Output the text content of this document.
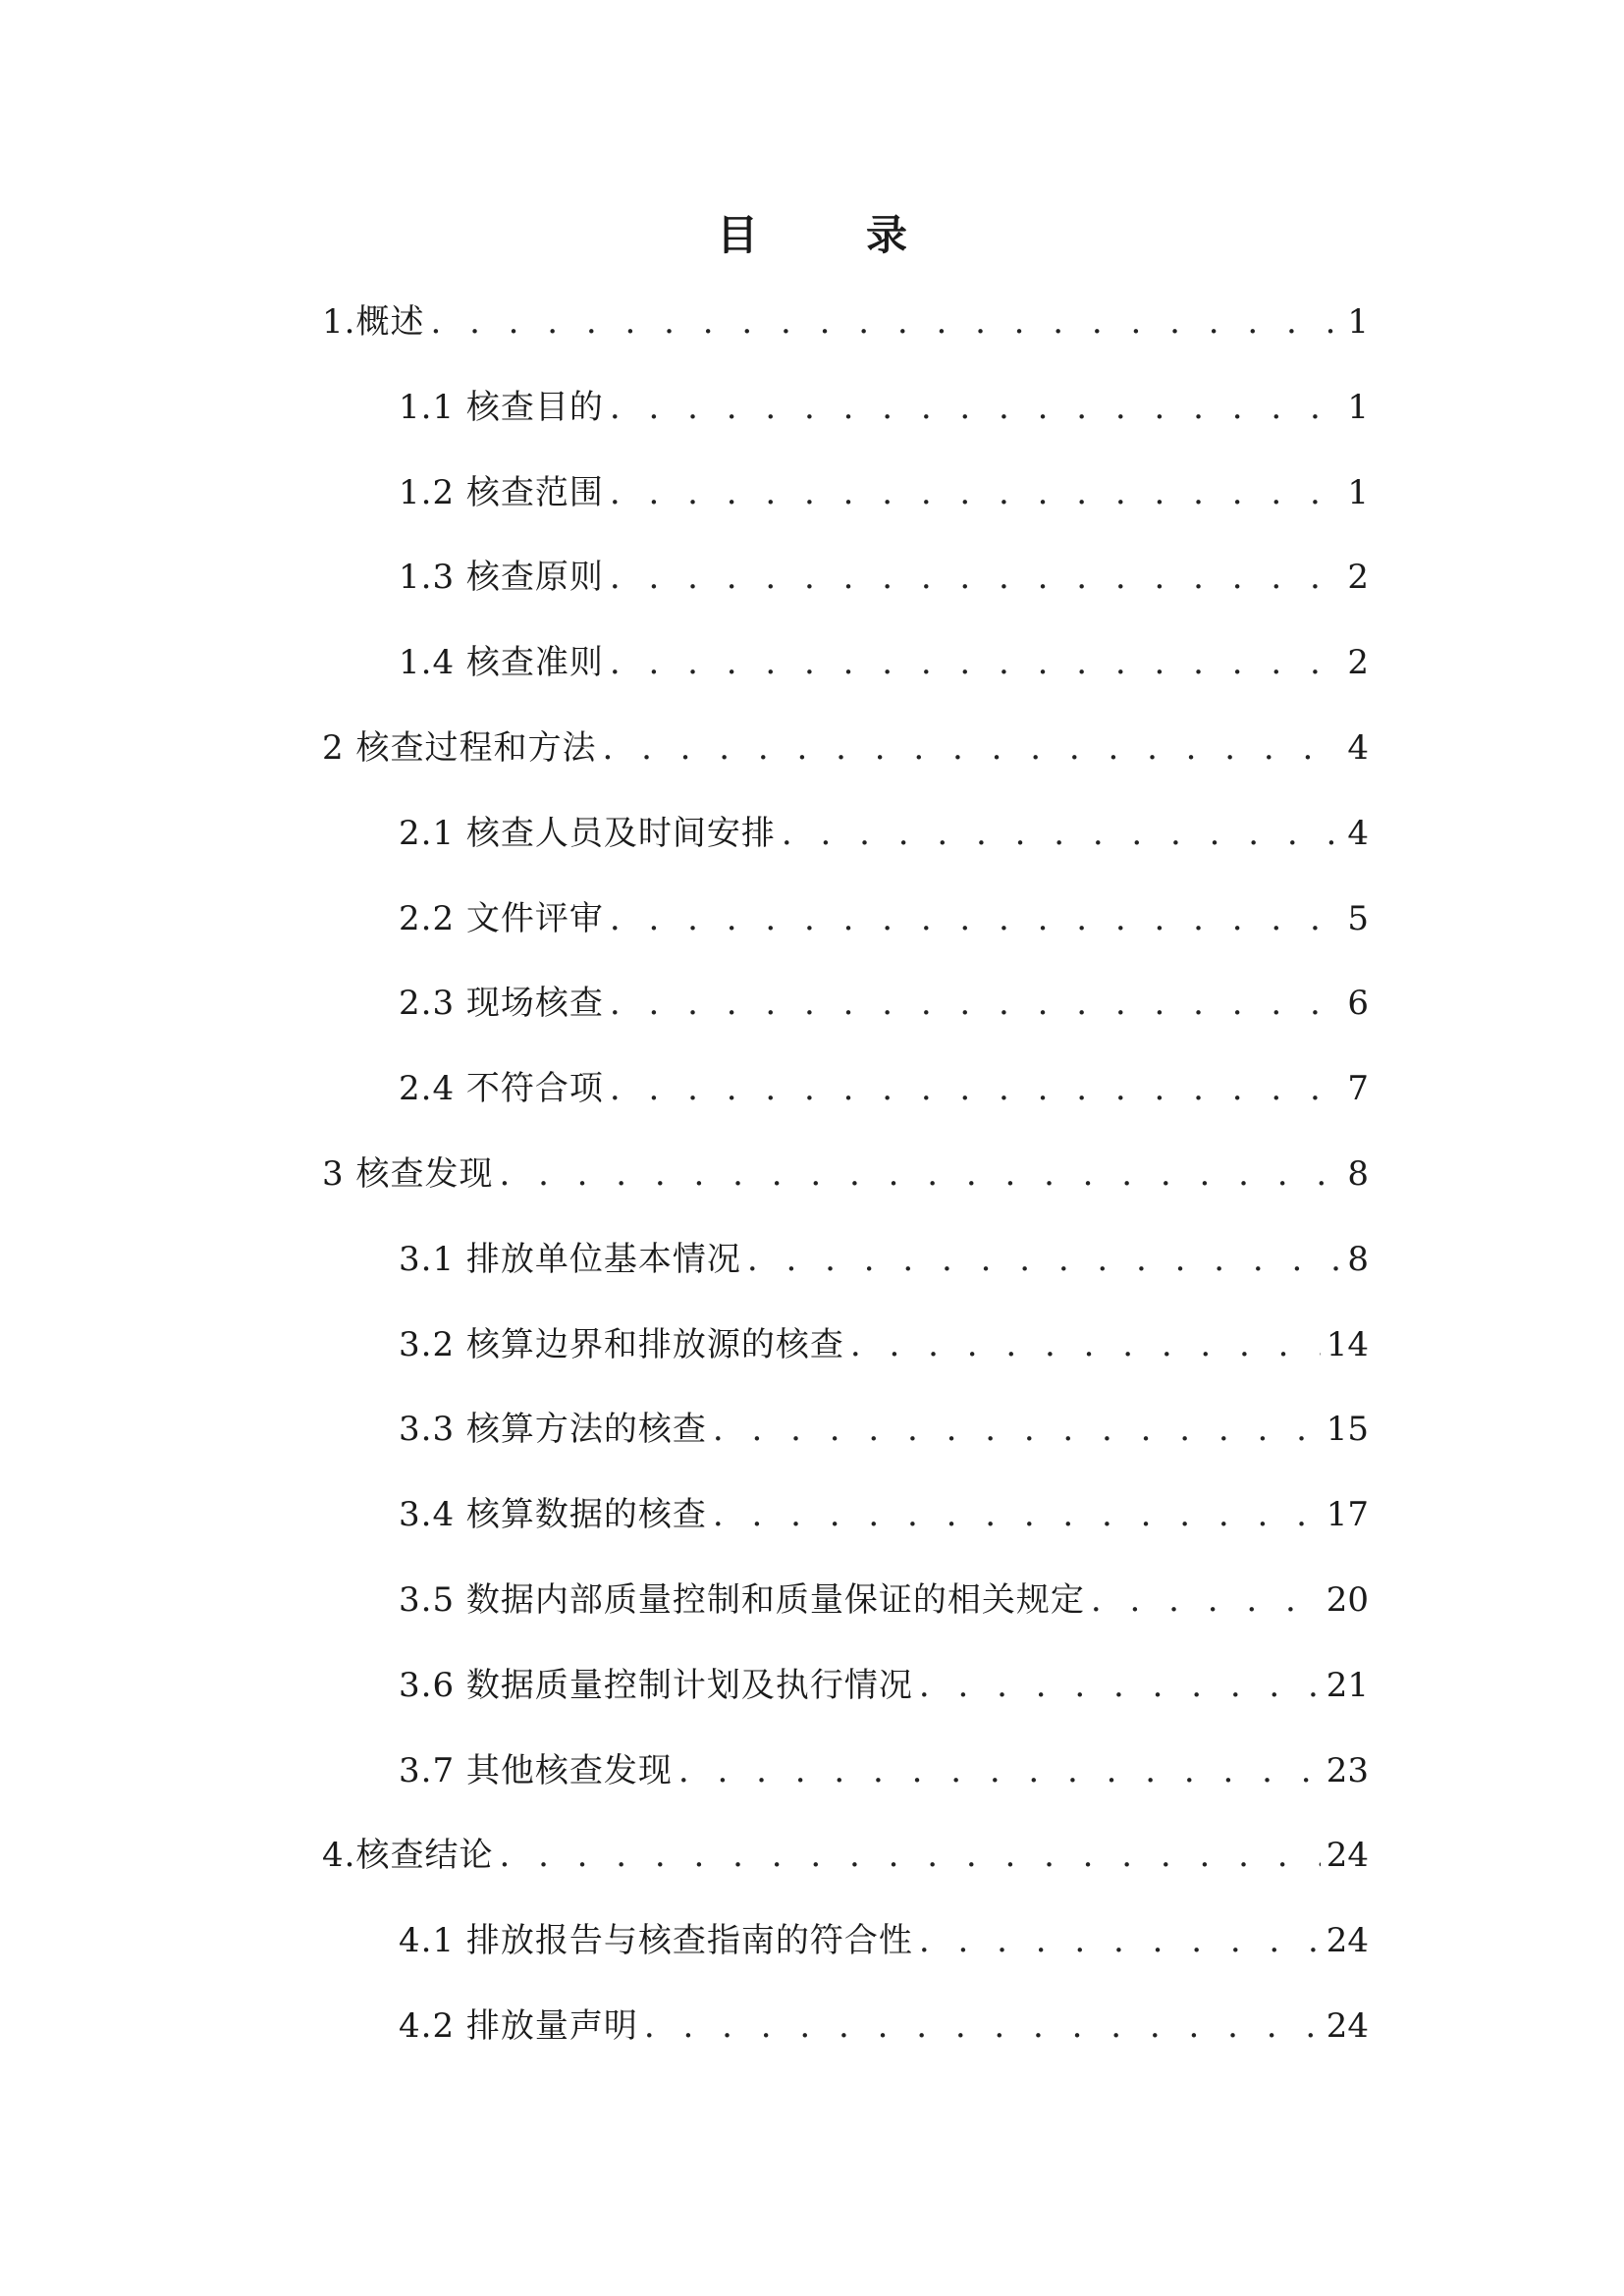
目　录
1.概述 . . .	1
1.1 核查目的 . . .	1
1.2 核查范围 . . .	1
1.3 核查原则 . . .	2
1.4 核查准则 . . .	2
2 核查过程和方法 . . .	4
2.1 核查人员及时间安排 . . .	4
2.2 文件评审 . . .	5
2.3 现场核查 . . .	6
2.4 不符合项 . . .	7
3 核查发现 . . .	8
3.1 排放单位基本情况 . . .	8
3.2 核算边界和排放源的核查 . . .	14
3.3 核算方法的核查 . . .	15
3.4 核算数据的核查 . . .	17
3.5 数据内部质量控制和质量保证的相关规定 . . .	20
3.6 数据质量控制计划及执行情况 . . .	21
3.7 其他核查发现 . . .	23
4.核查结论 . . .	24
4.1 排放报告与核查指南的符合性 . . .	24
4.2 排放量声明 . . .	24
